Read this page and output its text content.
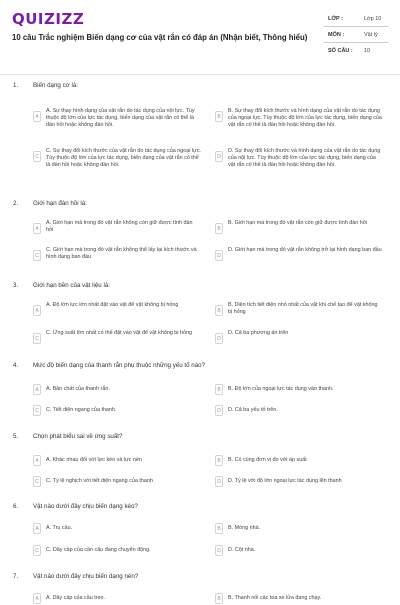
QUIZIZZ
10 câu Trắc nghiệm Biến dạng cơ của vật rắn có đáp án (Nhận biết, Thông hiểu)
LỚP :	Lớp 10
MÔN :	Vật lý
SỐ CÂU : 10
1. Biến dạng cơ là:
A
A. Sự thay hình dạng của vật rắn do tác dụng của nội lực. Tùy thuộc độ lớn của lực tác dụng, biến dạng của vật rắn có thể là đàn hồi hoặc không đàn hồi.
B
B. Sự thay đổi kích thước và hình dạng của vật rắn do tác dụng của ngoại lực. Tùy thuộc độ lớn của lực tác dụng, biến dạng của vật rắn có thể là đàn hồi hoặc không đàn hồi.
C
C. Sự thay đổi kích thước của vật rắn do tác dụng của ngoại lực. Tùy thuộc độ lớn của lực tác dụng, biến dạng của vật rắn có thể là đàn hồi hoặc không đàn hồi.
D
D. Sự thay đổi kích thước và hình dạng của vật rắn do tác dụng của nội lực. Tùy thuộc độ lớn của lực tác dụng, biến dạng của vật rắn có thể là đàn hồi hoặc không đàn hồi.
2. Giới hạn đàn hồi là:
A
A. Giới hạn mà trong đó vật rắn không còn giữ được tính đàn hồi	B
B. Giới hạn mà trong đó vật rắn còn giữ được tính đàn hồi
C
C. Giới hạn mà trong đó vật rắn không thể lấy lại kích thước và hình dạng ban đầu	D
D. Giới hạn mà trong đó vật rắn không trở lại hình dạng ban đầu
3. Giới hạn bền của vật liệu là:
A
A. Độ lớn lực lớn nhất đặt vào vật để vật không bị hỏng
B
B. Diện tích tiết diện nhỏ nhất của vật khi chế tạo để vật không bị hỏng
C
C. Ứng suất lớn nhất có thể đặt vào vật để vật không bị hỏng
D
D. Cả ba phương án trên
4. Mức độ biến dạng của thanh rắn phụ thuộc những yếu tố nào?
A	A. Bản chất của thanh rắn.	B	B. Độ lớn của ngoại lực tác dụng vào thanh.
C	C. Tiết diện ngang của thanh.	D	D. Cả ba yếu tố trên.
5. Chọn phát biểu sai về ứng suất?
A	A. Khác nhau đối với lực kéo và lực nén	B	B. Có cùng đơn vị đo với áp suất
C	C. Tỷ lệ nghịch với tiết diện ngang của thanh	D	D. Tỷ lệ với độ lớn ngoại lực tác dụng lên thanh
6. Vật nào dưới đây chịu biến dạng kéo?
A	A. Trụ cầu.	B	B. Móng nhà.
C	C. Dây cáp của cần cẩu đang chuyển động.	D	D. Cột nhà.
7. Vật nào dưới đây chịu biến dạng nén?
A	A. Dây cáp của cầu treo.	B	B. Thanh nối các toa xe lửa đang chạy.
